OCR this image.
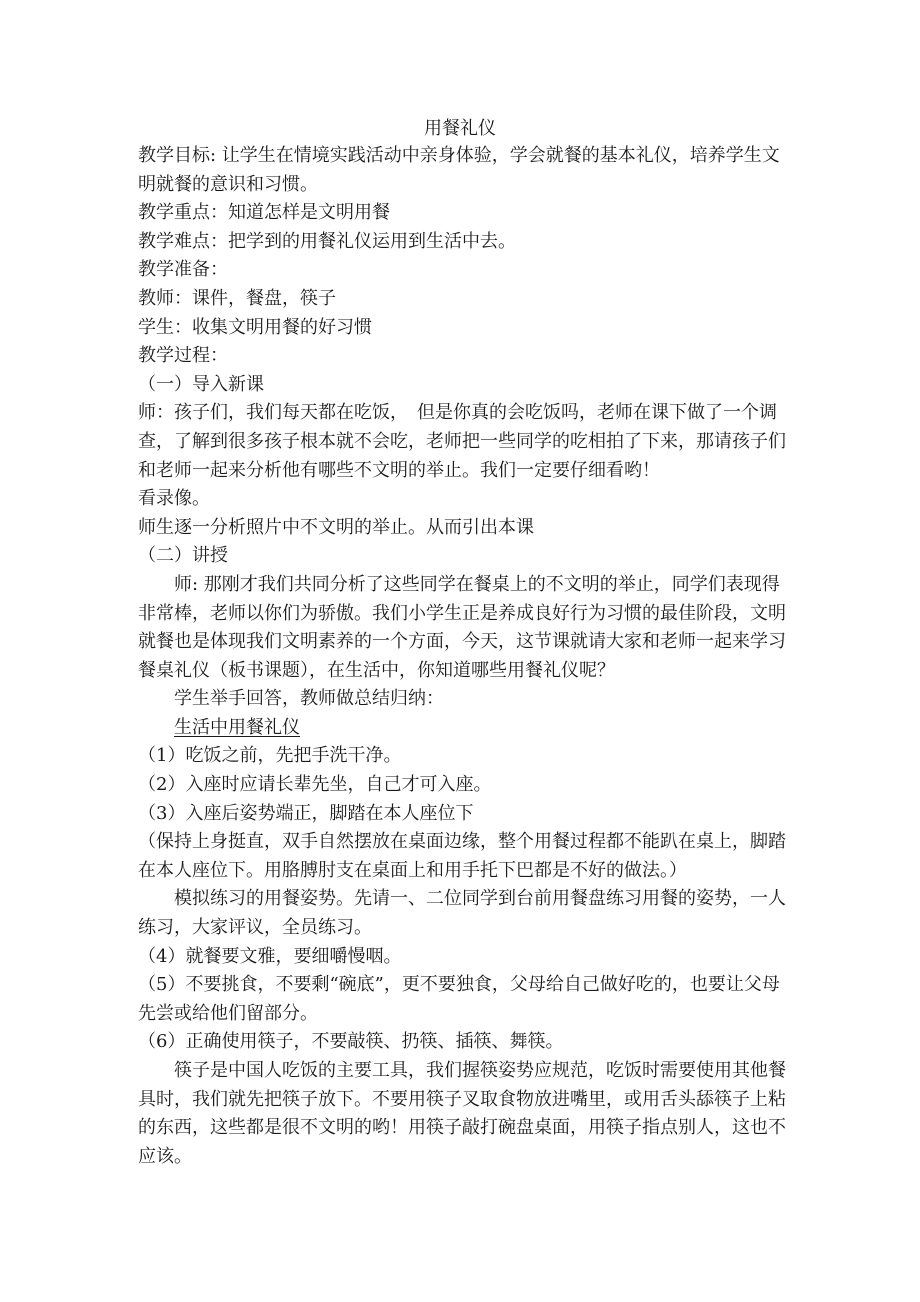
用餐礼仪

教学目标: 让学生在情境实践活动中亲身体验，学会就餐的基本礼仪，培养学生文明就餐的意识和习惯。

教学重点：知道怎样是文明用餐

教学难点：把学到的用餐礼仪运用到生活中去。

教学准备：

教师：课件，餐盘，筷子

学生：收集文明用餐的好习惯

教学过程：

（一）导入新课

师：孩子们，我们每天都在吃饭，　但是你真的会吃饭吗，老师在课下做了一个调查，了解到很多孩子根本就不会吃，老师把一些同学的吃相拍了下来，那请孩子们 和老师一起来分析他有哪些不文明的举止。我们一定要仔细看哟！

看录像。

师生逐一分析照片中不文明的举止。从而引出本课

（二）讲授

师: 那刚才我们共同分析了这些同学在餐桌上的不文明的举止，同学们表现得非常棒，老师以你们为骄傲。我们小学生正是养成良好行为习惯的最佳阶段，文明就餐也是体现我们文明素养的一个方面，今天，这节课就请大家和老师一起来学习餐桌礼仪（板书课题），在生活中，你知道哪些用餐礼仪呢？

学生举手回答，教师做总结归纳：

生活中用餐礼仪

（1）吃饭之前，先把手洗干净。

（2）入座时应请长辈先坐，自己才可入座。

（3）入座后姿势端正，脚踏在本人座位下

（保持上身挺直，双手自然摆放在桌面边缘，整个用餐过程都不能趴在桌上，脚踏在本人座位下。用胳膊肘支在桌面上和用手托下巴都是不好的做法。）

模拟练习的用餐姿势。先请一、二位同学到台前用餐盘练习用餐的姿势，一人练习，大家评议，全员练习。

（4）就餐要文雅，要细嚼慢咽。

（5）不要挑食，不要剩“碗底”，更不要独食，父母给自己做好吃的，也要让父母先尝或给他们留部分。

（6）正确使用筷子，不要敲筷、扔筷、插筷、舞筷。

筷子是中国人吃饭的主要工具，我们握筷姿势应规范，吃饭时需要使用其他餐具时，我们就先把筷子放下。不要用筷子叉取食物放进嘴里，或用舌头舔筷子上粘的东西，这些都是很不文明的哟！用筷子敲打碗盘桌面，用筷子指点别人，这也不应该。
